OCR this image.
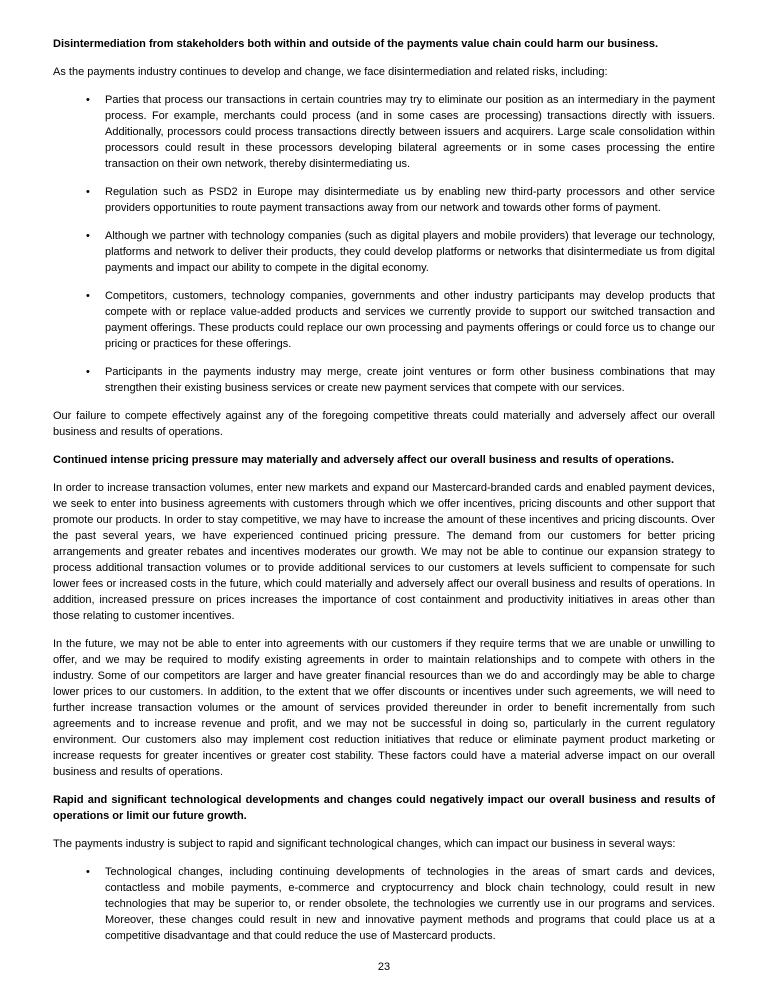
Disintermediation from stakeholders both within and outside of the payments value chain could harm our business.

As the payments industry continues to develop and change, we face disintermediation and related risks, including:

• Parties that process our transactions in certain countries may try to eliminate our position as an intermediary in the payment process. For example, merchants could process (and in some cases are processing) transactions directly with issuers. Additionally, processors could process transactions directly between issuers and acquirers. Large scale consolidation within processors could result in these processors developing bilateral agreements or in some cases processing the entire transaction on their own network, thereby disintermediating us.
• Regulation such as PSD2 in Europe may disintermediate us by enabling new third-party processors and other service providers opportunities to route payment transactions away from our network and towards other forms of payment.
• Although we partner with technology companies (such as digital players and mobile providers) that leverage our technology, platforms and network to deliver their products, they could develop platforms or networks that disintermediate us from digital payments and impact our ability to compete in the digital economy.
• Competitors, customers, technology companies, governments and other industry participants may develop products that compete with or replace value-added products and services we currently provide to support our switched transaction and payment offerings. These products could replace our own processing and payments offerings or could force us to change our pricing or practices for these offerings.
• Participants in the payments industry may merge, create joint ventures or form other business combinations that may strengthen their existing business services or create new payment services that compete with our services.

Our failure to compete effectively against any of the foregoing competitive threats could materially and adversely affect our overall business and results of operations.

Continued intense pricing pressure may materially and adversely affect our overall business and results of operations.

In order to increase transaction volumes, enter new markets and expand our Mastercard-branded cards and enabled payment devices, we seek to enter into business agreements with customers through which we offer incentives, pricing discounts and other support that promote our products. In order to stay competitive, we may have to increase the amount of these incentives and pricing discounts. Over the past several years, we have experienced continued pricing pressure. The demand from our customers for better pricing arrangements and greater rebates and incentives moderates our growth. We may not be able to continue our expansion strategy to process additional transaction volumes or to provide additional services to our customers at levels sufficient to compensate for such lower fees or increased costs in the future, which could materially and adversely affect our overall business and results of operations. In addition, increased pressure on prices increases the importance of cost containment and productivity initiatives in areas other than those relating to customer incentives.

In the future, we may not be able to enter into agreements with our customers if they require terms that we are unable or unwilling to offer, and we may be required to modify existing agreements in order to maintain relationships and to compete with others in the industry. Some of our competitors are larger and have greater financial resources than we do and accordingly may be able to charge lower prices to our customers. In addition, to the extent that we offer discounts or incentives under such agreements, we will need to further increase transaction volumes or the amount of services provided thereunder in order to benefit incrementally from such agreements and to increase revenue and profit, and we may not be successful in doing so, particularly in the current regulatory environment. Our customers also may implement cost reduction initiatives that reduce or eliminate payment product marketing or increase requests for greater incentives or greater cost stability. These factors could have a material adverse impact on our overall business and results of operations.

Rapid and significant technological developments and changes could negatively impact our overall business and results of operations or limit our future growth.

The payments industry is subject to rapid and significant technological changes, which can impact our business in several ways:

• Technological changes, including continuing developments of technologies in the areas of smart cards and devices, contactless and mobile payments, e-commerce and cryptocurrency and block chain technology, could result in new technologies that may be superior to, or render obsolete, the technologies we currently use in our programs and services. Moreover, these changes could result in new and innovative payment methods and programs that could place us at a competitive disadvantage and that could reduce the use of Mastercard products.
23
